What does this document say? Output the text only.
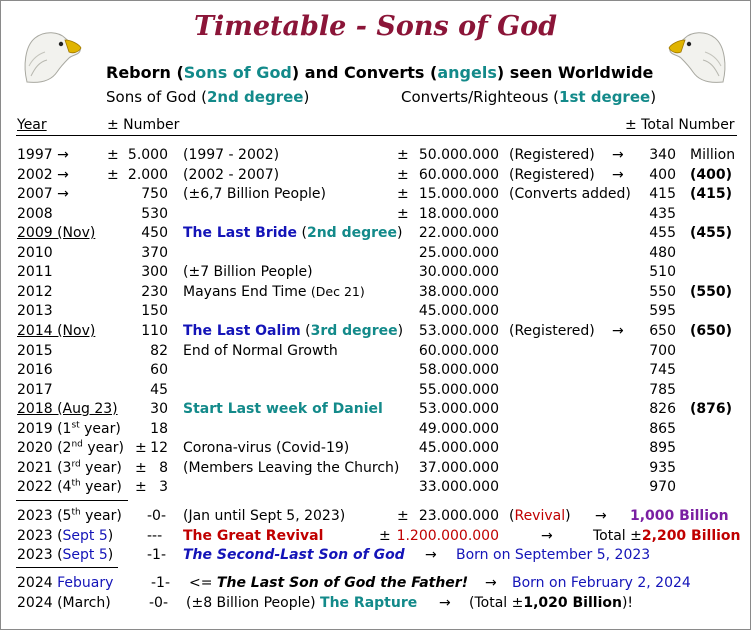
Timetable - Sons of God
Reborn (Sons of God) and Converts (angels) seen Worldwide
Sons of God (2nd degree)	Converts/Righteous (1st degree)
Year	± Number	± Total Number
1997 →	± 5.000 (1997 - 2002)	± 50.000.000 (Registered) →	340 Million
2002 →	± 2.000 (2002 - 2007)	± 60.000.000 (Registered) →	400 (400)
2007 →	750 (±6,7 Billion People)	± 15.000.000 (Converts added)	415 (415)
2008	530	± 18.000.000	435
2009 (Nov)	450 The Last Bride (2nd degree)	22.000.000	455 (455)
2010	370	25.000.000	480
2011	300 (±7 Billion People)	30.000.000	510
2012	230 Mayans End Time (Dec 21)	38.000.000	550 (550)
2013	150	45.000.000	595
2014 (Nov)	110 The Last Oalim (3rd degree)	53.000.000 (Registered) →	650 (650)
2015	82 End of Normal Growth	60.000.000	700
2016	60	58.000.000	745
2017	45	55.000.000	785
2018 (Aug 23)	30 Start Last week of Daniel	53.000.000	826 (876)
2019 (1st year)	18	49.000.000	865
2020 (2nd year) ± 12 Corona-virus (Covid-19)	45.000.000	895
2021 (3rd year) ± 8 (Members Leaving the Church)	37.000.000	935
2022 (4th year) ± 3	33.000.000	970
2023 (5th year) -0- (Jan until Sept 5, 2023)	± 23.000.000 (Revival) → 1,000 Billion
2023 (Sept 5) --- The Great Revival	± 1.200.000.000	→	Total ±2,200 Billion
2023 (Sept 5) -1- The Second-Last Son of God → Born on September 5, 2023
2024 Febuary	-1- <= The Last Son of God the Father! → Born on February 2, 2024
2024 (March)	-0- (±8 Billion People) The Rapture → (Total ±1,020 Billion)!
